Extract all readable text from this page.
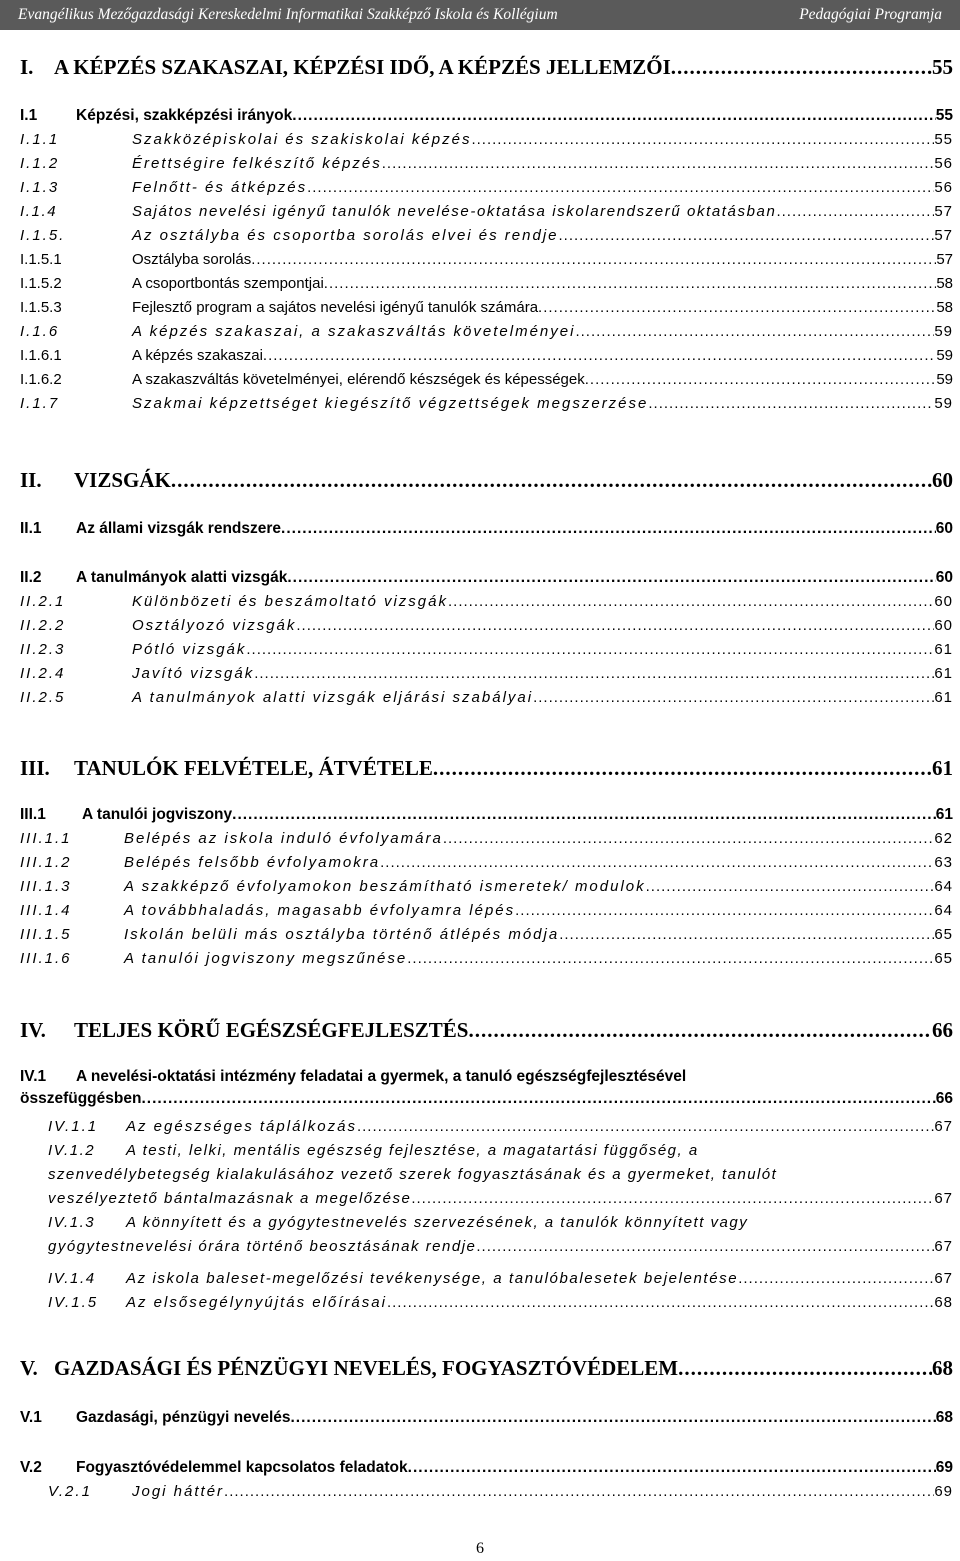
Evangélikus Mezőgazdasági Kereskedelmi Informatikai Szakképző Iskola és Kollégium	Pedagógiai Programja
I. A KÉPZÉS SZAKASZAI, KÉPZÉSI IDŐ, A KÉPZÉS JELLEMZŐI .....	55
I.1	Képzési, szakképzési irányok .....	55
I.1.1	Szakközépiskolai és szakiskolai képzés .....	55
I.1.2	Érettségire felkészítő képzés .....	56
I.1.3	Felnőtt- és átképzés .....	56
I.1.4	Sajátos nevelési igényű tanulók nevelése-oktatása iskolarendszerű oktatásban .....	57
I.1.5.	Az osztályba és csoportba sorolás elvei és rendje .....	57
I.1.5.1	Osztályba sorolás .....	57
I.1.5.2	A csoportbontás szempontjai .....	58
I.1.5.3	Fejlesztő program a sajátos nevelési igényű tanulók számára .....	58
I.1.6	A képzés szakaszai, a szakaszváltás követelményei .....	59
I.1.6.1	A képzés szakaszai .....	59
I.1.6.2	A szakaszváltás követelményei, elérendő készségek és képességek .....	59
I.1.7	Szakmai képzettséget kiegészítő végzettségek megszerzése .....	59
II.	VIZSGÁK .....	60
II.1	Az állami vizsgák rendszere .....	60
II.2	A tanulmányok alatti vizsgák .....	60
II.2.1	Különbözeti és beszámoltató vizsgák .....	60
II.2.2	Osztályozó vizsgák .....	60
II.2.3	Pótló vizsgák .....	61
II.2.4	Javító vizsgák .....	61
II.2.5	A tanulmányok alatti vizsgák eljárási szabályai .....	61
III.	TANULÓK FELVÉTELE, ÁTVÉTELE .....	61
III.1	A tanulói jogviszony .....	61
III.1.1	Belépés az iskola induló évfolyamára .....	62
III.1.2	Belépés felsőbb évfolyamokra .....	63
III.1.3	A szakképző évfolyamokon beszámítható ismeretek/ modulok .....	64
III.1.4	A továbbhaladás, magasabb évfolyamra lépés .....	64
III.1.5	Iskolán belüli más osztályba történő átlépés módja .....	65
III.1.6	A tanulói jogviszony megszűnése .....	65
IV.	TELJES KÖRŰ EGÉSZSÉGFEJLESZTÉS .....	66
IV.1	A nevelési-oktatási intézmény feladatai a gyermek, a tanuló egészségfejlesztésével
összefüggésben .....	66
IV.1.1	Az egészséges táplálkozás .....	67
IV.1.2	A testi, lelki, mentális egészség fejlesztése, a magatartási függőség, a
szenvedélybetegség kialakulásához vezető szerek fogyasztásának és a gyermeket, tanulót
veszélyeztető bántalmazásnak a megelőzése .....	67
IV.1.3	A könnyített és a gyógytestnevelés szervezésének, a tanulók könnyített vagy
gyógytestnevelési órára történő beosztásának rendje .....	67
IV.1.4	Az iskola baleset-megelőzési tevékenysége, a tanulóbalesetek bejelentése .....	67
IV.1.5	Az elsősegélynyújtás előírásai .....	68
V. GAZDASÁGI ÉS PÉNZÜGYI NEVELÉS, FOGYASZTÓVÉDELEM .....	68
V.1	Gazdasági, pénzügyi nevelés .....	68
V.2	Fogyasztóvédelemmel kapcsolatos feladatok .....	69
V.2.1	Jogi háttér .....	69
6
